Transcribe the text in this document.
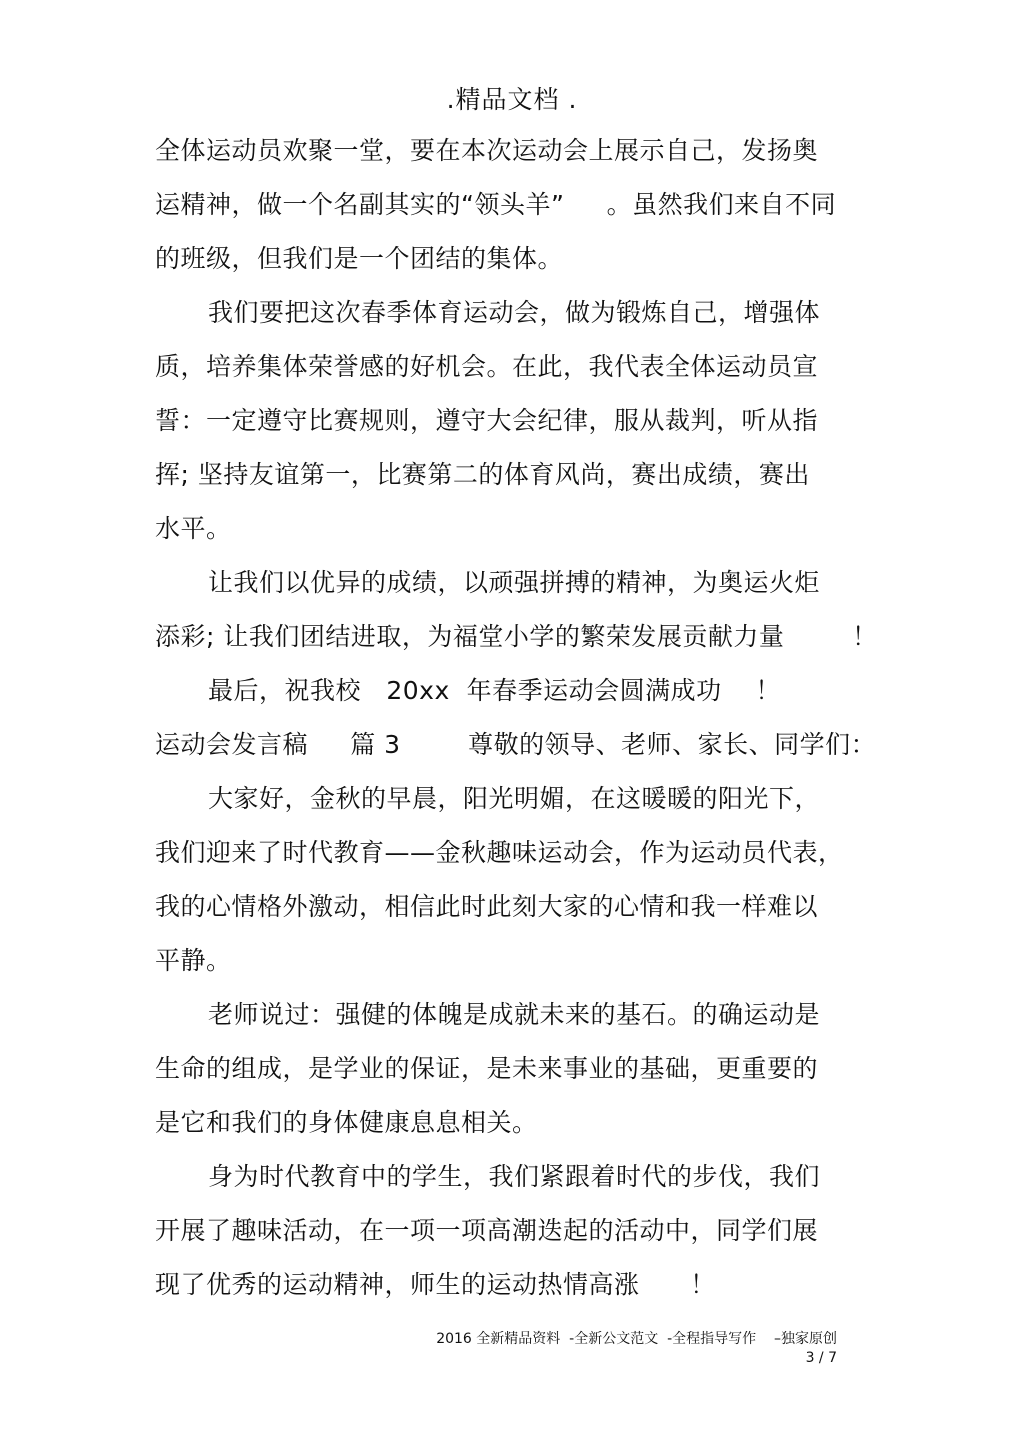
.精品文档 .
全体运动员欢聚一堂，要在本次运动会上展示自己，发扬奥
运精神，做一个名副其实的“领头羊”     。虽然我们来自不同
的班级，但我们是一个团结的集体。
我们要把这次春季体育运动会，做为锻炼自己，增强体
质，培养集体荣誉感的好机会。在此，我代表全体运动员宣
誓：一定遵守比赛规则，遵守大会纪律，服从裁判，听从指
挥; 坚持友谊第一，比赛第二的体育风尚，赛出成绩，赛出
水平。
让我们以优异的成绩，以顽强拼搏的精神，为奥运火炬
添彩; 让我们团结进取，为福堂小学的繁荣发展贡献力量        ！
最后，祝我校   20xx  年春季运动会圆满成功    ！
运动会发言稿     篇 3        尊敬的领导、老师、家长、同学们：
大家好，金秋的早晨，阳光明媚，在这暖暖的阳光下，
我们迎来了时代教育——金秋趣味运动会，作为运动员代表，
我的心情格外激动，相信此时此刻大家的心情和我一样难以
平静。
老师说过：强健的体魄是成就未来的基石。的确运动是
生命的组成，是学业的保证，是未来事业的基础，更重要的
是它和我们的身体健康息息相关。
身为时代教育中的学生，我们紧跟着时代的步伐，我们
开展了趣味活动，在一项一项高潮迭起的活动中，同学们展
现了优秀的运动精神，师生的运动热情高涨      ！
2016 全新精品资料  -全新公文范文  -全程指导写作    –独家原创
3 / 7
